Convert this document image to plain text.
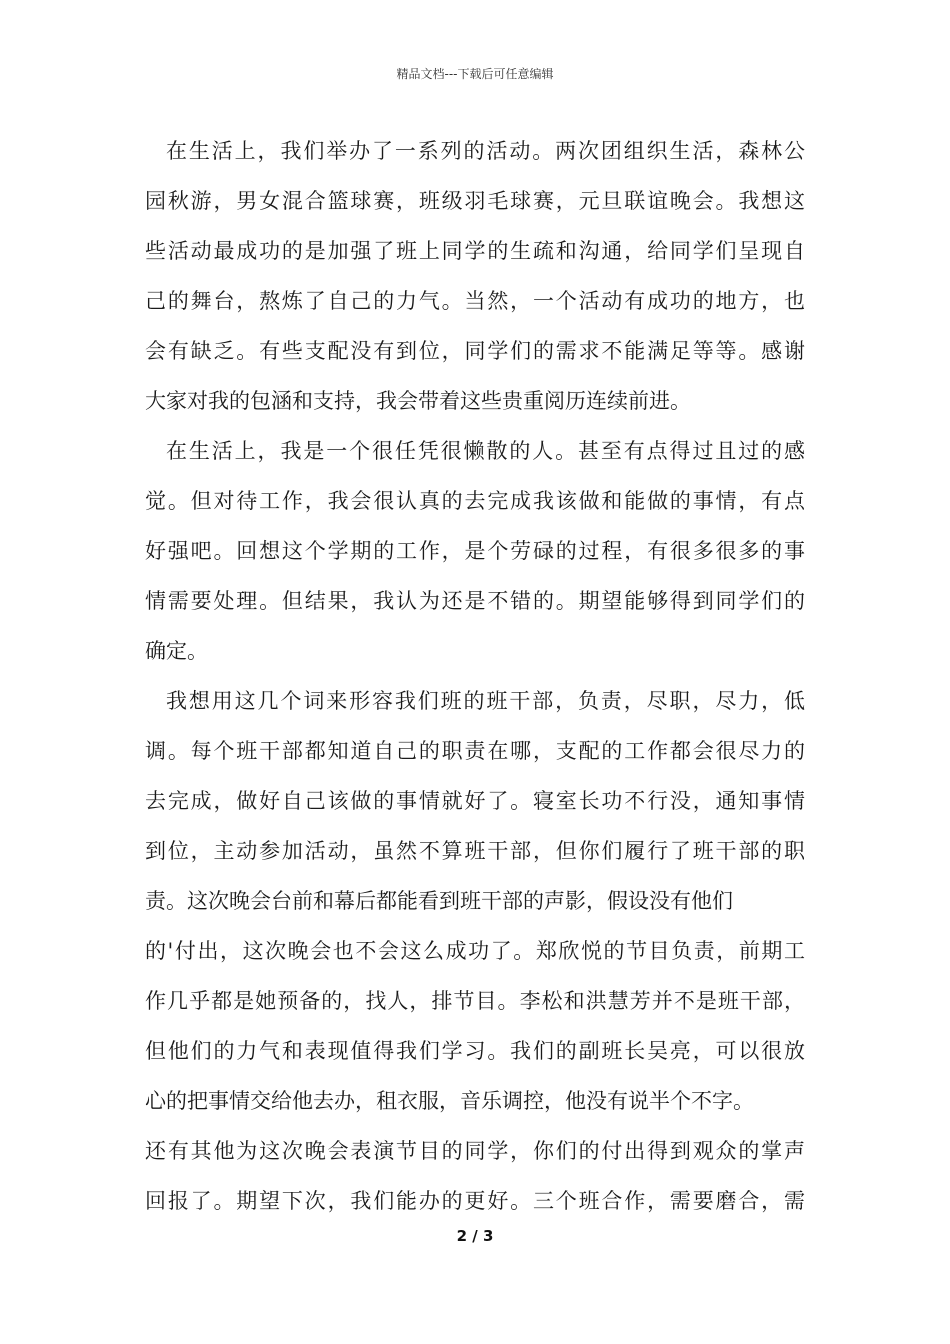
精品文档---下载后可任意编辑
在生活上，我们举办了一系列的活动。两次团组织生活，森林公
园秋游，男女混合篮球赛，班级羽毛球赛，元旦联谊晚会。我想这
些活动最成功的是加强了班上同学的生疏和沟通，给同学们呈现自
己的舞台，熬炼了自己的力气。当然，一个活动有成功的地方，也
会有缺乏。有些支配没有到位，同学们的需求不能满足等等。感谢
大家对我的包涵和支持，我会带着这些贵重阅历连续前进。
在生活上，我是一个很任凭很懒散的人。甚至有点得过且过的感
觉。但对待工作，我会很认真的去完成我该做和能做的事情，有点
好强吧。回想这个学期的工作，是个劳碌的过程，有很多很多的事
情需要处理。但结果，我认为还是不错的。期望能够得到同学们的
确定。
我想用这几个词来形容我们班的班干部，负责，尽职，尽力，低
调。每个班干部都知道自己的职责在哪，支配的工作都会很尽力的
去完成，做好自己该做的事情就好了。寝室长功不行没，通知事情
到位，主动参加活动，虽然不算班干部，但你们履行了班干部的职
责。这次晚会台前和幕后都能看到班干部的声影，假设没有他们
的'付出，这次晚会也不会这么成功了。郑欣悦的节目负责，前期工
作几乎都是她预备的，找人，排节目。李松和洪慧芳并不是班干部，
但他们的力气和表现值得我们学习。我们的副班长吴亮，可以很放
心的把事情交给他去办，租衣服，音乐调控，他没有说半个不字。
还有其他为这次晚会表演节目的同学，你们的付出得到观众的掌声
回报了。期望下次，我们能办的更好。三个班合作，需要磨合，需
2 / 3
